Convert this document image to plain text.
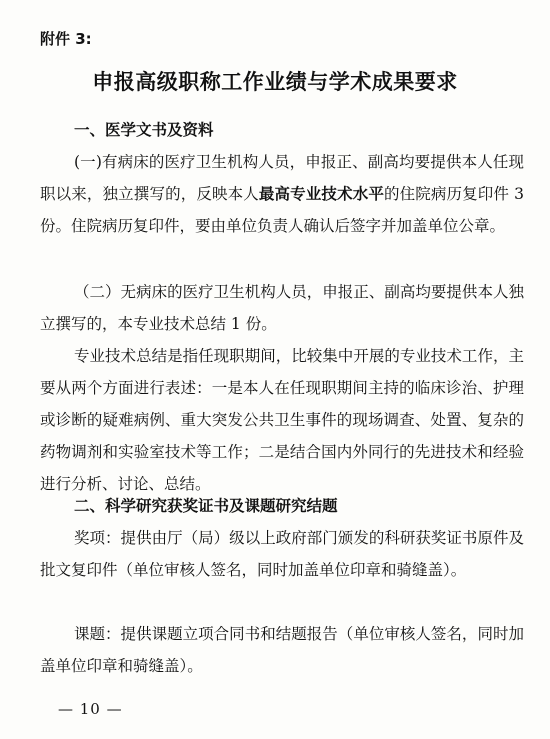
附件 3:
申报高级职称工作业绩与学术成果要求
一、医学文书及资料

(一)有病床的医疗卫生机构人员，申报正、副高均要提供本人任现职以来，独立撰写的，反映本人最高专业技术水平的住院病历复印件 3 份。住院病历复印件，要由单位负责人确认后签字并加盖单位公章。

（二）无病床的医疗卫生机构人员，申报正、副高均要提供本人独立撰写的，本专业技术总结 1 份。

专业技术总结是指任现职期间，比较集中开展的专业技术工作，主要从两个方面进行表述：一是本人在任现职期间主持的临床诊治、护理或诊断的疑难病例、重大突发公共卫生事件的现场调查、处置、复杂的药物调剂和实验室技术等工作；二是结合国内外同行的先进技术和经验进行分析、讨论、总结。

二、科学研究获奖证书及课题研究结题

奖项：提供由厅（局）级以上政府部门颁发的科研获奖证书原件及批文复印件（单位审核人签名，同时加盖单位印章和骑缝盖）。

课题：提供课题立项合同书和结题报告（单位审核人签名，同时加盖单位印章和骑缝盖）。

— 10 —
